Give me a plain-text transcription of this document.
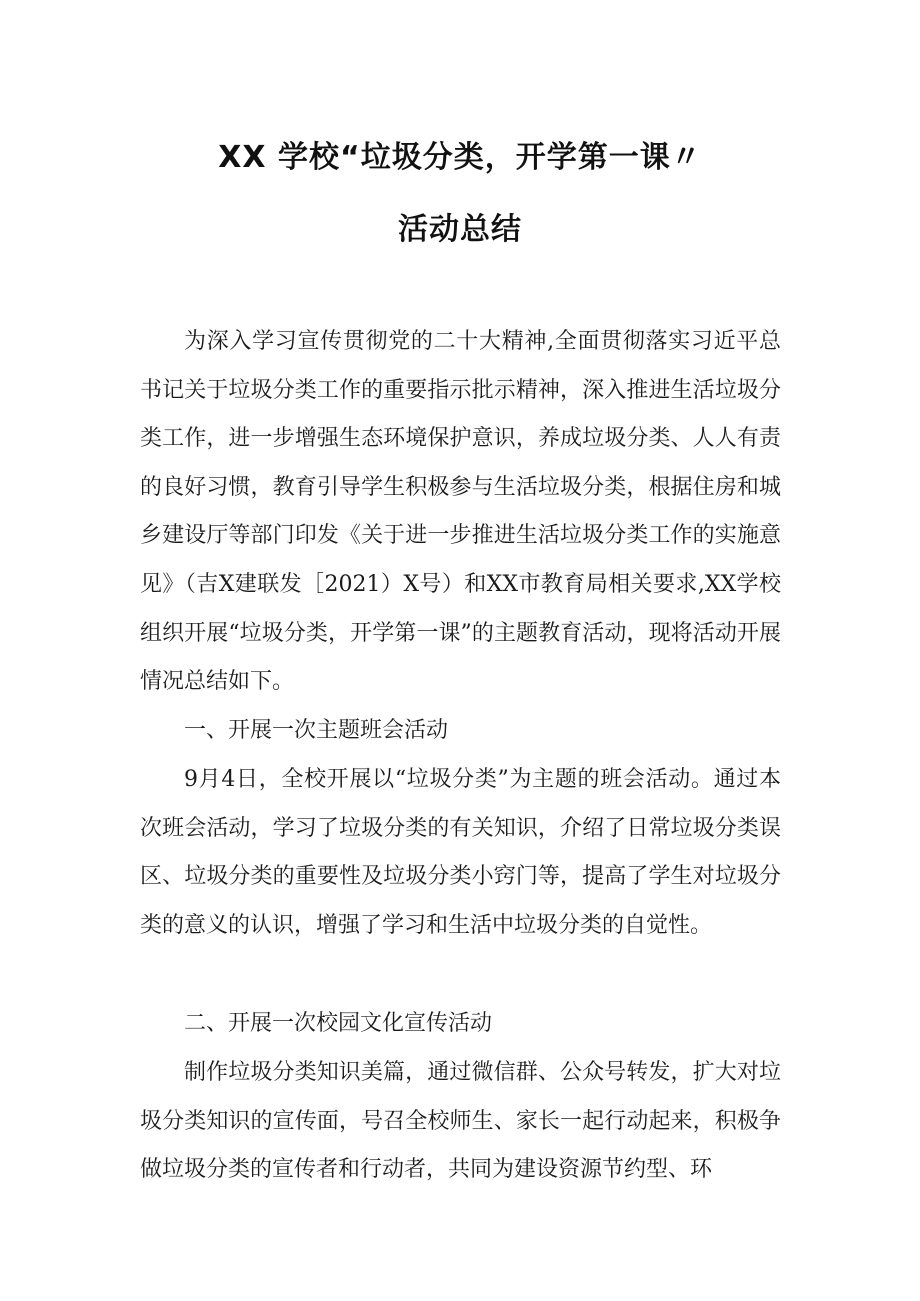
XX 学校“垃圾分类，开学第一课〃
活动总结

为深入学习宣传贯彻党的二十大精神,全面贯彻落实习近平总书记关于垃圾分类工作的重要指示批示精神，深入推进生活垃圾分类工作，进一步增强生态环境保护意识，养成垃圾分类、人人有责的良好习惯，教育引导学生积极参与生活垃圾分类，根据住房和城乡建设厅等部门印发《关于进一步推进生活垃圾分类工作的实施意见》（吉X建联发［2021）X号）和XX市教育局相关要求,XX学校组织开展“垃圾分类，开学第一课”的主题教育活动，现将活动开展情况总结如下。

一、开展一次主题班会活动

9月4日，全校开展以“垃圾分类”为主题的班会活动。通过本次班会活动，学习了垃圾分类的有关知识，介绍了日常垃圾分类误区、垃圾分类的重要性及垃圾分类小窍门等，提高了学生对垃圾分类的意义的认识，增强了学习和生活中垃圾分类的自觉性。

二、开展一次校园文化宣传活动

制作垃圾分类知识美篇，通过微信群、公众号转发，扩大对垃圾分类知识的宣传面，号召全校师生、家长一起行动起来，积极争做垃圾分类的宣传者和行动者，共同为建设资源节约型、环
